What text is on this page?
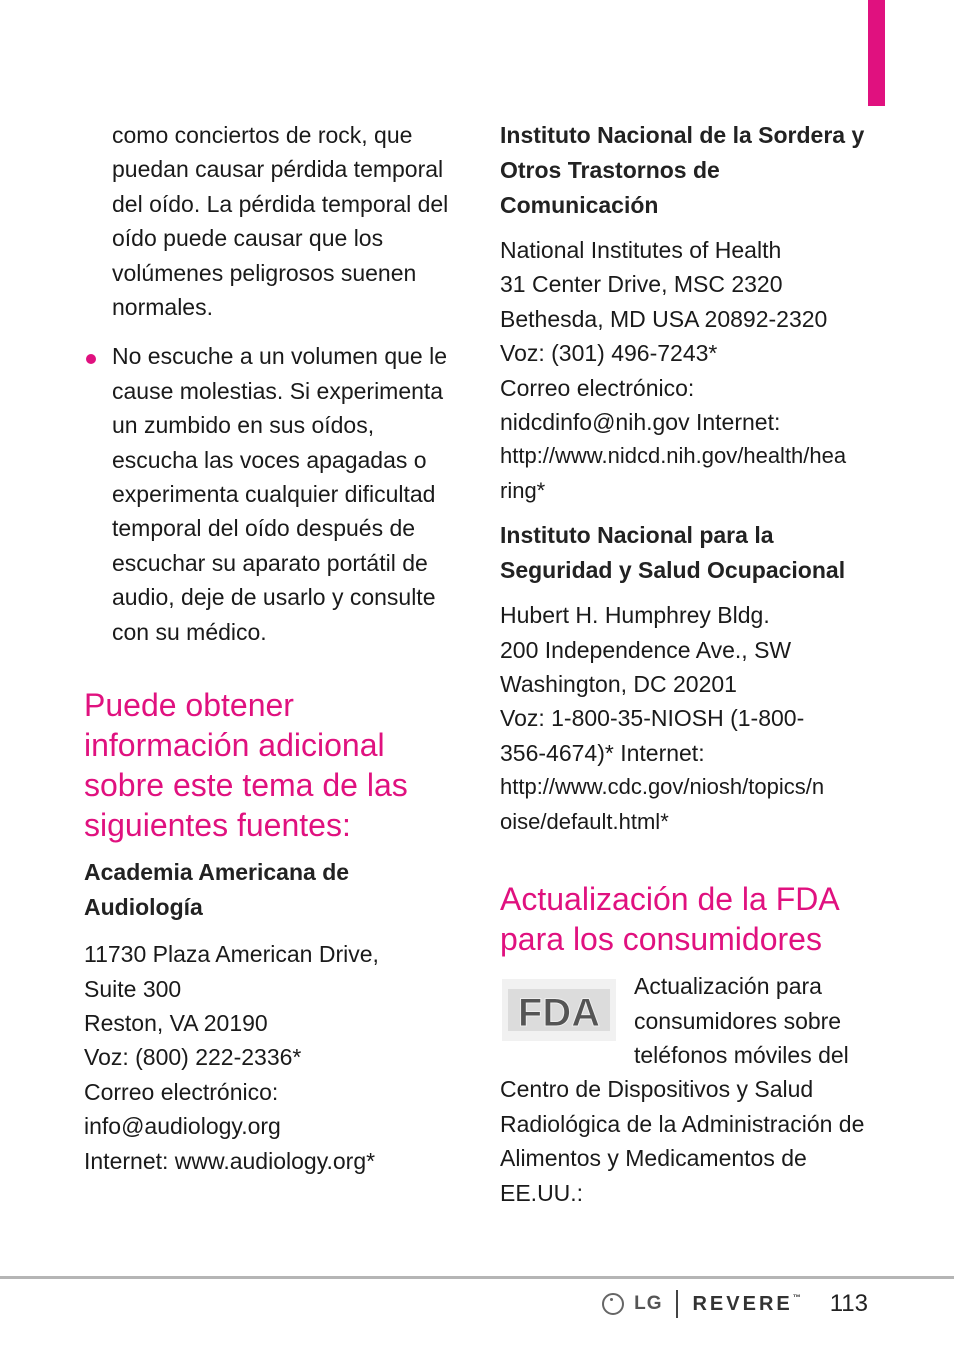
como conciertos de rock, que
puedan causar pérdida temporal
del oído. La pérdida temporal del
oído puede causar que los
volúmenes peligrosos suenen
normales.
No escuche a un volumen que le
cause molestias. Si experimenta
un zumbido en sus oídos,
escucha las voces apagadas o
experimenta cualquier dificultad
temporal del oído después de
escuchar su aparato portátil de
audio, deje de usarlo y consulte
con su médico.
Puede obtener
información adicional
sobre este tema de las
siguientes fuentes:
Academia Americana de
Audiología
11730 Plaza American Drive,
Suite 300
Reston, VA 20190
Voz: (800) 222-2336*
Correo electrónico:
info@audiology.org
Internet: www.audiology.org*
Instituto Nacional de la Sordera y
Otros Trastornos de
Comunicación
National Institutes of Health
31 Center Drive, MSC 2320
Bethesda, MD USA 20892-2320
Voz: (301) 496-7243*
Correo electrónico:
nidcdinfo@nih.gov Internet:
http://www.nidcd.nih.gov/health/hea
ring*
Instituto Nacional para la
Seguridad y Salud Ocupacional
Hubert H. Humphrey Bldg.
200 Independence Ave., SW
Washington, DC 20201
Voz: 1-800-35-NIOSH (1-800-
356-4674)* Internet:
http://www.cdc.gov/niosh/topics/n
oise/default.html*
Actualización de la FDA
para los consumidores
FDA
Actualización para
consumidores sobre
teléfonos móviles del
Centro de Dispositivos y Salud
Radiológica de la Administración de
Alimentos y Medicamentos de
EE.UU.:
LG REVERE™ 113
